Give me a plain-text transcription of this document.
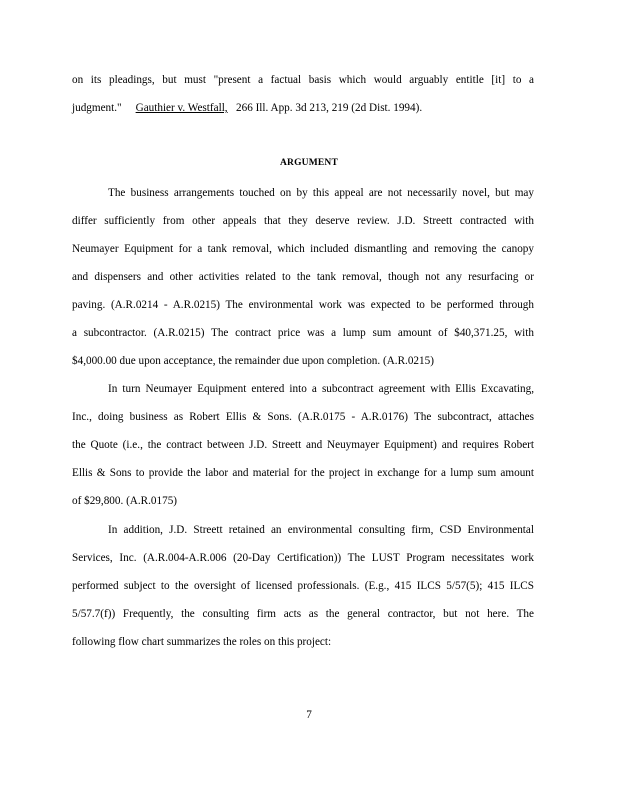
on its pleadings, but must "present a factual basis which would arguably entitle [it] to a
judgment." Gauthier v. Westfall, 266 Ill. App. 3d 213, 219 (2d Dist. 1994).
ARGUMENT
The business arrangements touched on by this appeal are not necessarily novel, but may
differ sufficiently from other appeals that they deserve review. J.D. Streett contracted with
Neumayer Equipment for a tank removal, which included dismantling and removing the canopy
and dispensers and other activities related to the tank removal, though not any resurfacing or
paving. (A.R.0214 - A.R.0215) The environmental work was expected to be performed through
a subcontractor. (A.R.0215) The contract price was a lump sum amount of $40,371.25, with
$4,000.00 due upon acceptance, the remainder due upon completion. (A.R.0215)
In turn Neumayer Equipment entered into a subcontract agreement with Ellis Excavating,
Inc., doing business as Robert Ellis & Sons. (A.R.0175 - A.R.0176) The subcontract, attaches
the Quote (i.e., the contract between J.D. Streett and Neuymayer Equipment) and requires Robert
Ellis & Sons to provide the labor and material for the project in exchange for a lump sum amount
of $29,800. (A.R.0175)
In addition, J.D. Streett retained an environmental consulting firm, CSD Environmental
Services, Inc. (A.R.004-A.R.006 (20-Day Certification)) The LUST Program necessitates work
performed subject to the oversight of licensed professionals. (E.g., 415 ILCS 5/57(5); 415 ILCS
5/57.7(f)) Frequently, the consulting firm acts as the general contractor, but not here. The
following flow chart summarizes the roles on this project:
7
